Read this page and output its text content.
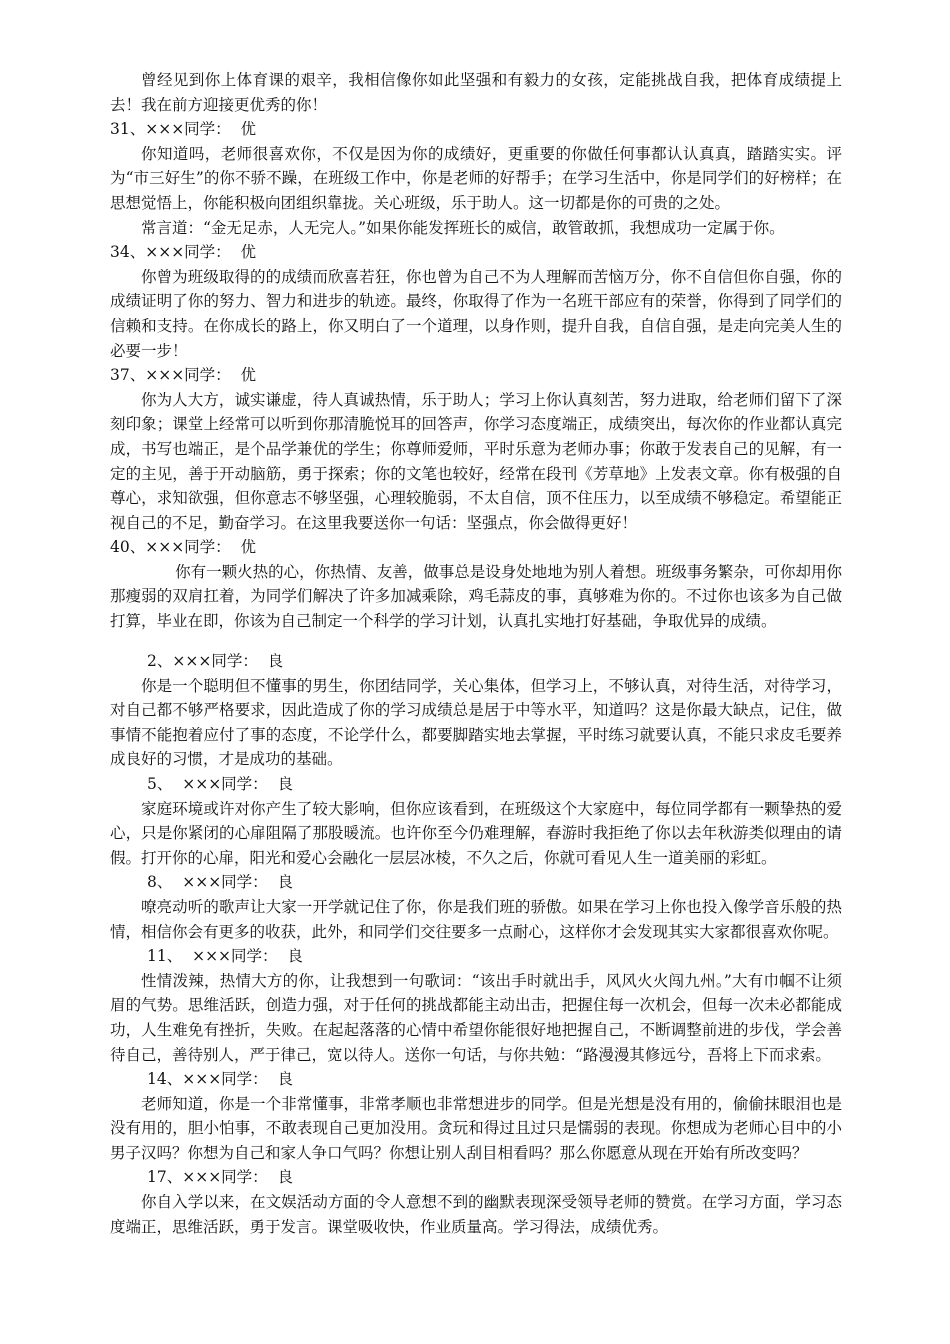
曾经见到你上体育课的艰辛，我相信像你如此坚强和有毅力的女孩，定能挑战自我，把体育成绩提上去！我在前方迎接更优秀的你！

31、×××同学：  优

你知道吗，老师很喜欢你，不仅是因为你的成绩好，更重要的你做任何事都认认真真，踏踏实实。评为“市三好生”的你不骄不躁，在班级工作中，你是老师的好帮手；在学习生活中，你是同学们的好榜样；在思想觉悟上，你能积极向团组织靠拢。关心班级，乐于助人。这一切都是你的可贵的之处。

常言道：“金无足赤，人无完人。”如果你能发挥班长的威信，敢管敢抓，我想成功一定属于你。

34、×××同学：  优

你曾为班级取得的的成绩而欣喜若狂，你也曾为自己不为人理解而苦恼万分，你不自信但你自强，你的成绩证明了你的努力、智力和进步的轨迹。最终，你取得了作为一名班干部应有的荣誉，你得到了同学们的信赖和支持。在你成长的路上，你又明白了一个道理，以身作则，提升自我，自信自强，是走向完美人生的必要一步！

37、×××同学：  优

你为人大方，诚实谦虚，待人真诚热情，乐于助人；学习上你认真刻苦，努力进取，给老师们留下了深刻印象；课堂上经常可以听到你那清脆悦耳的回答声，你学习态度端正，成绩突出，每次你的作业都认真完成，书写也端正，是个品学兼优的学生；你尊师爱师，平时乐意为老师办事；你敢于发表自己的见解，有一定的主见，善于开动脑筋，勇于探索；你的文笔也较好，经常在段刊《芳草地》上发表文章。你有极强的自尊心，求知欲强，但你意志不够坚强，心理较脆弱，不太自信，顶不住压力，以至成绩不够稳定。希望能正视自己的不足，勤奋学习。在这里我要送你一句话：坚强点，你会做得更好！

40、×××同学：  优

你有一颗火热的心，你热情、友善，做事总是设身处地地为别人着想。班级事务繁杂，可你却用你那瘦弱的双肩扛着，为同学们解决了许多加减乘除，鸡毛蒜皮的事，真够难为你的。不过你也该多为自己做打算，毕业在即，你该为自己制定一个科学的学习计划，认真扎实地打好基础，争取优异的成绩。

2、×××同学：  良

你是一个聪明但不懂事的男生，你团结同学，关心集体，但学习上，不够认真，对待生活，对待学习，对自己都不够严格要求，因此造成了你的学习成绩总是居于中等水平，知道吗？这是你最大缺点，记住，做事情不能抱着应付了事的态度，不论学什么，都要脚踏实地去掌握，平时练习就要认真，不能只求皮毛要养成良好的习惯，才是成功的基础。

5、  ×××同学：  良

家庭环境或许对你产生了较大影响，但你应该看到，在班级这个大家庭中，每位同学都有一颗挚热的爱心，只是你紧闭的心扉阻隔了那股暖流。也许你至今仍难理解，春游时我拒绝了你以去年秋游类似理由的请假。打开你的心扉，阳光和爱心会融化一层层冰棱，不久之后，你就可看见人生一道美丽的彩虹。

8、  ×××同学：  良

嘹亮动听的歌声让大家一开学就记住了你，你是我们班的骄傲。如果在学习上你也投入像学音乐般的热情，相信你会有更多的收获，此外，和同学们交往要多一点耐心，这样你才会发现其实大家都很喜欢你呢。

11、  ×××同学：  良

性情泼辣，热情大方的你，让我想到一句歌词：“该出手时就出手，风风火火闯九州。”大有巾帼不让须眉的气势。思维活跃，创造力强，对于任何的挑战都能主动出击，把握住每一次机会，但每一次未必都能成功，人生难免有挫折，失败。在起起落落的心情中希望你能很好地把握自己，不断调整前进的步伐，学会善待自己，善待别人，严于律己，宽以待人。送你一句话，与你共勉：“路漫漫其修远兮，吾将上下而求索。

14、×××同学：  良

老师知道，你是一个非常懂事，非常孝顺也非常想进步的同学。但是光想是没有用的，偷偷抹眼泪也是没有用的，胆小怕事，不敢表现自己更加没用。贪玩和得过且过只是懦弱的表现。你想成为老师心目中的小男子汉吗？你想为自己和家人争口气吗？你想让别人刮目相看吗？那么你愿意从现在开始有所改变吗？

17、×××同学：  良

你自入学以来，在文娱活动方面的令人意想不到的幽默表现深受领导老师的赞赏。在学习方面，学习态度端正，思维活跃，勇于发言。课堂吸收快，作业质量高。学习得法，成绩优秀。
